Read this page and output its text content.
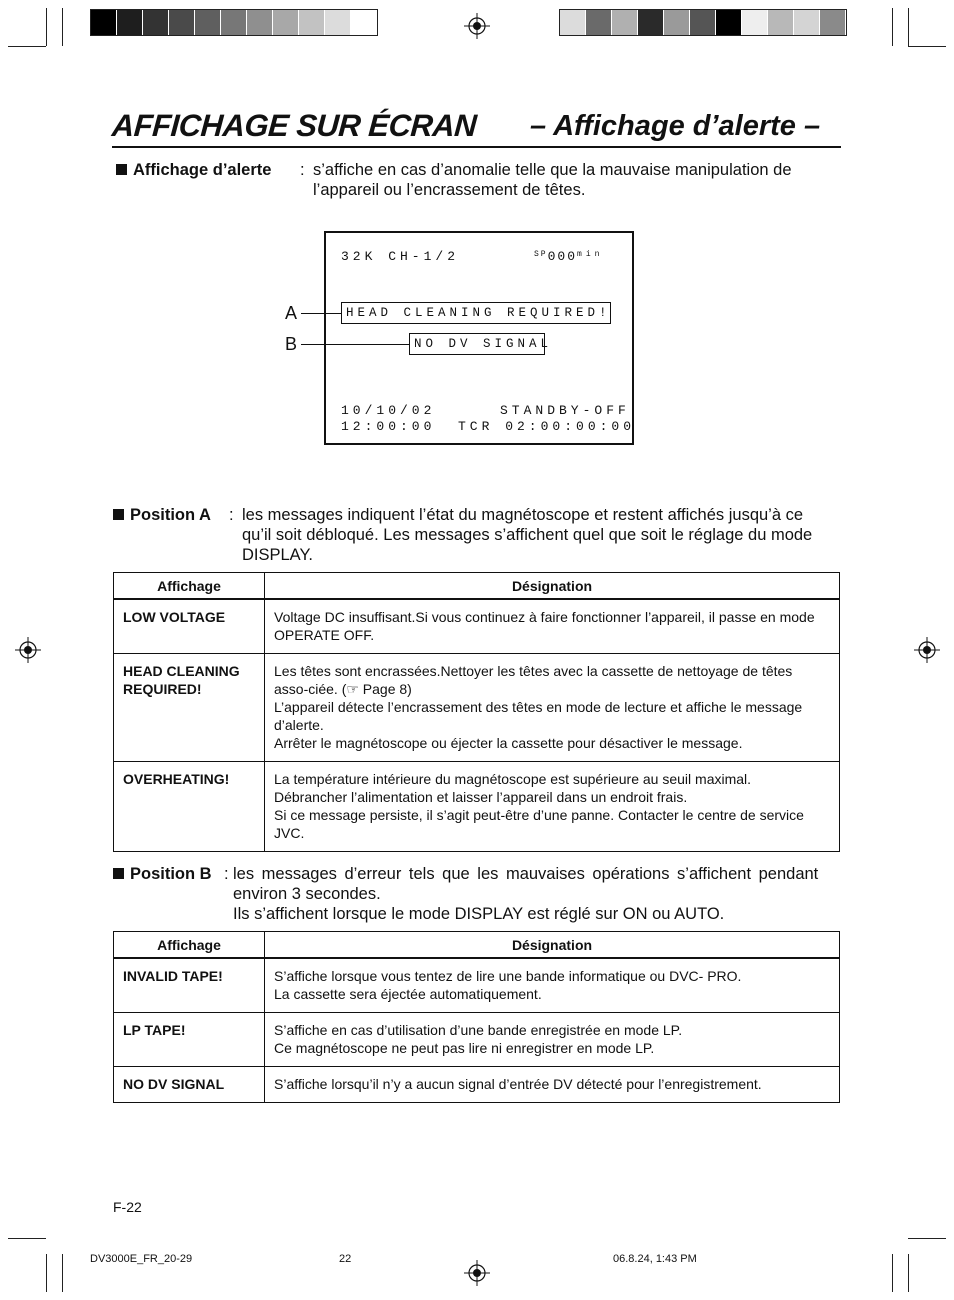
AFFICHAGE SUR ÉCRAN – Affichage d’alerte –
Affichage d’alerte : s’affiche en cas d’anomalie telle que la mauvaise manipulation de
l’appareil ou l’encrassement de têtes.
32K CH-1/2	$^{SP}000^{min}$
10/10/02
12:00:00
STANDBY-OFF
TCR 02:00:00:00
HEAD CLEANING REQUIRED!
NO DV SIGNAL
A
B
Position A : les messages indiquent l’état du magnétoscope et restent affichés jusqu’à ce
qu’il soit débloqué. Les messages s’affichent quel que soit le réglage du mode
DISPLAY.
Affichage	Désignation
LOW VOLTAGE	Voltage DC insuffisant.Si vous continuez à faire fonctionner l’appareil, il passe en mode OPERATE OFF.

HEAD CLEANING REQUIRED!	Les têtes sont encrassées.Nettoyer les têtes avec la cassette de nettoyage de têtes asso-ciée. (☞ Page 8)
L’appareil détecte l’encrassement des têtes en mode de lecture et affiche le message d’alerte.
Arrêter le magnétoscope ou éjecter la cassette pour désactiver le message.

OVERHEATING!	La température intérieure du magnétoscope est supérieure au seuil maximal.
Débrancher l’alimentation et laisser l’appareil dans un endroit frais.
Si ce message persiste, il s’agit peut-être d’une panne. Contacter le centre de service JVC.
Position B : les messages d’erreur tels que les mauvaises opérations s’affichent pendant
environ 3 secondes.
Ils s’affichent lorsque le mode DISPLAY est réglé sur ON ou AUTO.
Affichage	Désignation
INVALID TAPE!	S’affiche lorsque vous tentez de lire une bande informatique ou DVC- PRO.
La cassette sera éjectée automatiquement.

LP TAPE!	S’affiche en cas d’utilisation d’une bande enregistrée en mode LP.
Ce magnétoscope ne peut pas lire ni enregistrer en mode LP.

NO DV SIGNAL	S’affiche lorsqu’il n’y a aucun signal d’entrée DV détecté pour l’enregistrement.
F-22
DV3000E_FR_20-29	22	06.8.24, 1:43 PM
